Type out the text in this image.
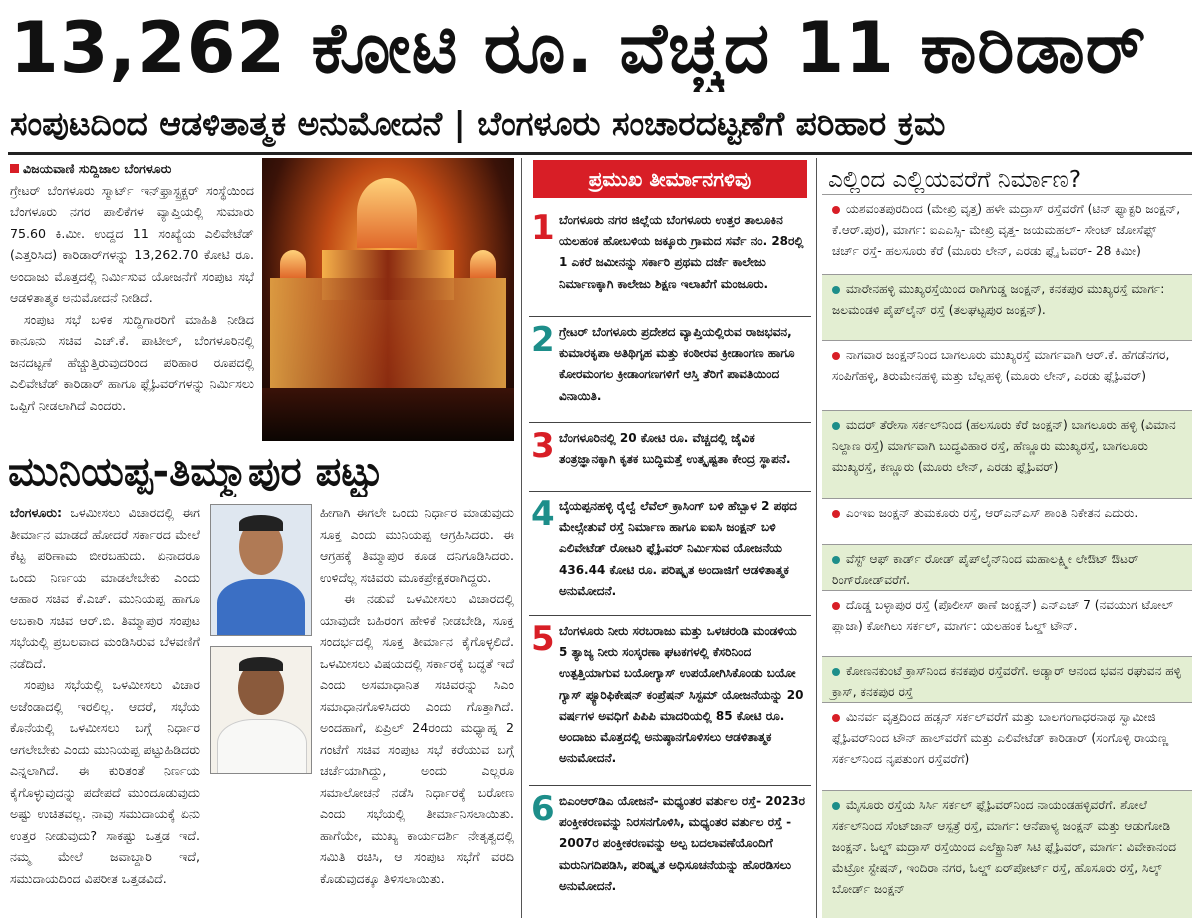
13,262 ಕೋಟಿ ರೂ. ವೆಚ್ಚದ 11 ಕಾರಿಡಾರ್
ಸಂಪುಟದಿಂದ ಆಡಳಿತಾತ್ಮಕ ಅನುಮೋದನೆ | ಬೆಂಗಳೂರು ಸಂಚಾರದಟ್ಟಣೆಗೆ ಪರಿಹಾರ ಕ್ರಮ
ವಿಜಯವಾಣಿ ಸುದ್ದಿಜಾಲ ಬೆಂಗಳೂರು
ಗ್ರೇಟರ್ ಬೆಂಗಳೂರು ಸ್ಮಾರ್ಟ್ ಇನ್‌ಫ್ರಾಸ್ಟ್ರಕ್ಚರ್ ಸಂಸ್ಥೆಯಿಂದ ಬೆಂಗಳೂರು ನಗರ ಪಾಲಿಕೆಗಳ ವ್ಯಾಪ್ತಿಯಲ್ಲಿ ಸುಮಾರು 75.60 ಕಿ.ಮೀ. ಉದ್ದದ 11 ಸಂಖ್ಯೆಯ ಎಲಿವೇಟೆಡ್ (ಎತ್ತರಿಸಿದ) ಕಾರಿಡಾರ್‌ಗಳನ್ನು 13,262.70 ಕೋಟಿ ರೂ. ಅಂದಾಜು ಮೊತ್ತದಲ್ಲಿ ನಿರ್ಮಿಸುವ ಯೋಜನೆಗೆ ಸಂಪುಟ ಸಭೆ ಆಡಳಿತಾತ್ಮಕ ಅನುಮೋದನೆ ನೀಡಿದೆ.
ಸಂಪುಟ ಸಭೆ ಬಳಿಕ ಸುದ್ದಿಗಾರರಿಗೆ ಮಾಹಿತಿ ನೀಡಿದ ಕಾನೂನು ಸಚಿವ ಎಚ್.ಕೆ. ಪಾಟೀಲ್, ಬೆಂಗಳೂರಿನಲ್ಲಿ ಜನದಟ್ಟಣೆ ಹೆಚ್ಚುತ್ತಿರುವುದರಿಂದ ಪರಿಹಾರ ರೂಪದಲ್ಲಿ ಎಲಿವೇಟೆಡ್ ಕಾರಿಡಾರ್ ಹಾಗೂ ಫ್ಲೈಓವರ್‌ಗಳನ್ನು ನಿರ್ಮಿಸಲು ಒಪ್ಪಿಗೆ ನೀಡಲಾಗಿದೆ ಎಂದರು.
ಮುನಿಯಪ್ಪ-ತಿಮ್ಮಾಪುರ ಪಟ್ಟು
ಬೆಂಗಳೂರು: ಒಳಮೀಸಲು ವಿಚಾರದಲ್ಲಿ ಈಗ ತೀರ್ಮಾನ ಮಾಡದೆ ಹೋದರೆ ಸರ್ಕಾರದ ಮೇಲೆ ಕೆಟ್ಟ ಪರಿಣಾಮ ಬೀರಬಹುದು. ಏನಾದರೂ ಒಂದು ನಿರ್ಣಯ ಮಾಡಲೇಬೇಕು ಎಂದು ಆಹಾರ ಸಚಿವ ಕೆ.ಎಚ್. ಮುನಿಯಪ್ಪ ಹಾಗೂ ಅಬಕಾರಿ ಸಚಿವ ಆರ್.ಬಿ. ತಿಮ್ಮಾಪುರ ಸಂಪುಟ ಸಭೆಯಲ್ಲಿ ಪ್ರಬಲವಾದ ಮಂಡಿಸಿರುವ ಬೆಳವಣಿಗೆ ನಡೆದಿದೆ.
ಸಂಪುಟ ಸಭೆಯಲ್ಲಿ ಒಳಮೀಸಲು ವಿಚಾರ ಅಜೆಂಡಾದಲ್ಲಿ ಇರಲಿಲ್ಲ. ಆದರೆ, ಸಭೆಯ ಕೊನೆಯಲ್ಲಿ ಒಳಮೀಸಲು ಬಗ್ಗೆ ನಿರ್ಧಾರ ಆಗಲೇಬೇಕು ಎಂದು ಮುನಿಯಪ್ಪ ಪಟ್ಟುಹಿಡಿದರು ಎನ್ನಲಾಗಿದೆ. ಈ ಕುರಿತಂತೆ ನಿರ್ಣಯ ಕೈಗೊಳ್ಳುವುದನ್ನು ಪದೇಪದೆ ಮುಂದೂಡುವುದು ಅಷ್ಟು ಉಚಿತವಲ್ಲ. ನಾವು ಸಮುದಾಯಕ್ಕೆ ಏನು ಉತ್ತರ ನೀಡುವುದು? ಸಾಕಷ್ಟು ಒತ್ತಡ ಇದೆ. ನಮ್ಮ ಮೇಲೆ ಜವಾಬ್ದಾರಿ ಇದೆ, ಸಮುದಾಯದಿಂದ ವಿಪರೀತ ಒತ್ತಡವಿದೆ.
ಹೀಗಾಗಿ ಈಗಲೇ ಒಂದು ನಿರ್ಧಾರ ಮಾಡುವುದು ಸೂಕ್ತ ಎಂದು ಮುನಿಯಪ್ಪ ಆಗ್ರಹಿಸಿದರು. ಈ ಆಗ್ರಹಕ್ಕೆ ತಿಮ್ಮಾಪುರ ಕೂಡ ದನಿಗೂಡಿಸಿದರು. ಉಳಿದೆಲ್ಲ ಸಚಿವರು ಮೂಕಪ್ರೇಕ್ಷಕರಾಗಿದ್ದರು.
ಈ ನಡುವೆ ಒಳಮೀಸಲು ವಿಚಾರದಲ್ಲಿ ಯಾವುದೇ ಬಹಿರಂಗ ಹೇಳಿಕೆ ನೀಡಬೇಡಿ, ಸೂಕ್ತ ಸಂದರ್ಭದಲ್ಲಿ ಸೂಕ್ತ ತೀರ್ಮಾನ ಕೈಗೊಳ್ಳಲಿದೆ. ಒಳಮೀಸಲು ವಿಷಯದಲ್ಲಿ ಸರ್ಕಾರಕ್ಕೆ ಬದ್ಧತೆ ಇದೆ ಎಂದು ಅಸಮಾಧಾನಿತ ಸಚಿವರನ್ನು ಸಿಎಂ ಸಮಾಧಾನಗೊಳಿಸಿದರು ಎಂದು ಗೊತ್ತಾಗಿದೆ. ಅಂದಹಾಗೆ, ಏಪ್ರಿಲ್ 24ರಂದು ಮಧ್ಯಾಹ್ನ 2 ಗಂಟೆಗೆ ಸಚಿವ ಸಂಪುಟ ಸಭೆ ಕರೆಯುವ ಬಗ್ಗೆ ಚರ್ಚೆಯಾಗಿದ್ದು, ಅಂದು ಎಲ್ಲರೂ ಸಮಾಲೋಚನೆ ನಡೆಸಿ ನಿರ್ಧಾರಕ್ಕೆ ಬರೋಣ ಎಂದು ಸಭೆಯಲ್ಲಿ ತೀರ್ಮಾನಿಸಲಾಯಿತು. ಹಾಗೆಯೇ, ಮುಖ್ಯ ಕಾರ್ಯದರ್ಶಿ ನೇತೃತ್ವದಲ್ಲಿ ಸಮಿತಿ ರಚಿಸಿ, ಆ ಸಂಪುಟ ಸಭೆಗೆ ವರದಿ ಕೊಡುವುದಕ್ಕೂ ತಿಳಿಸಲಾಯಿತು.
ಪ್ರಮುಖ ತೀರ್ಮಾನಗಳಿವು
1 ಬೆಂಗಳೂರು ನಗರ ಜಿಲ್ಲೆಯ ಬೆಂಗಳೂರು ಉತ್ತರ ತಾಲೂಕಿನ ಯಲಹಂಕ ಹೋಬಳಿಯ ಜಕ್ಕೂರು ಗ್ರಾಮದ ಸರ್ವೆ ನಂ. 28ರಲ್ಲಿ 1 ಎಕರೆ ಜಮೀನನ್ನು ಸರ್ಕಾರಿ ಪ್ರಥಮ ದರ್ಜೆ ಕಾಲೇಜು ನಿರ್ಮಾಣಕ್ಕಾಗಿ ಕಾಲೇಜು ಶಿಕ್ಷಣ ಇಲಾಖೆಗೆ ಮಂಜೂರು.
2 ಗ್ರೇಟರ್ ಬೆಂಗಳೂರು ಪ್ರದೇಶದ ವ್ಯಾಪ್ತಿಯಲ್ಲಿರುವ ರಾಜಭವನ, ಕುಮಾರಕೃಪಾ ಅತಿಥಿಗೃಹ ಮತ್ತು ಕಂಠೀರವ ಕ್ರೀಡಾಂಗಣ ಹಾಗೂ ಕೋರಮಂಗಲ ಕ್ರೀಡಾಂಗಣಗಳಿಗೆ ಆಸ್ತಿ ತೆರಿಗೆ ಪಾವತಿಯಿಂದ ವಿನಾಯಿತಿ.
3 ಬೆಂಗಳೂರಿನಲ್ಲಿ 20 ಕೋಟಿ ರೂ. ವೆಚ್ಚದಲ್ಲಿ ಜೈವಿಕ ತಂತ್ರಜ್ಞಾನಕ್ಕಾಗಿ ಕೃತಕ ಬುದ್ಧಿಮತ್ತೆ ಉತ್ಕೃಷ್ಟತಾ ಕೇಂದ್ರ ಸ್ಥಾಪನೆ.
4 ಬೈಯಪ್ಪನಹಳ್ಳಿ ರೈಲ್ವೆ ಲೆವೆಲ್ ಕ್ರಾಸಿಂಗ್ ಬಳಿ ಹೆಬ್ಬಾಳ 2 ಪಥದ ಮೇಲ್ಸೇತುವೆ ರಸ್ತೆ ನಿರ್ಮಾಣ ಹಾಗೂ ಐಐಸಿ ಜಂಕ್ಷನ್ ಬಳಿ ಎಲಿವೇಟೆಡ್ ರೋಟರಿ ಫ್ಲೈಓವರ್ ನಿರ್ಮಿಸುವ ಯೋಜನೆಯ 436.44 ಕೋಟಿ ರೂ. ಪರಿಷ್ಕೃತ ಅಂದಾಜಿಗೆ ಆಡಳಿತಾತ್ಮಕ ಅನುಮೋದನೆ.
5 ಬೆಂಗಳೂರು ನೀರು ಸರಬರಾಜು ಮತ್ತು ಒಳಚರಂಡಿ ಮಂಡಳಿಯ 5 ತ್ಯಾಜ್ಯ ನೀರು ಸಂಸ್ಕರಣಾ ಘಟಕಗಳಲ್ಲಿ ಕೆಸರಿನಿಂದ ಉತ್ಪತ್ತಿಯಾಗುವ ಬಯೋಗ್ಯಾಸ್ ಉಪಯೋಗಿಸಿಕೊಂಡು ಬಯೋ ಗ್ಯಾಸ್ ಪ್ಯೂರಿಫಿಕೇಷನ್ ಕಂಪ್ರೆಷನ್ ಸಿಸ್ಟಮ್ ಯೋಜನೆಯನ್ನು 20 ವರ್ಷಗಳ ಅವಧಿಗೆ ಪಿಪಿಪಿ ಮಾದರಿಯಲ್ಲಿ 85 ಕೋಟಿ ರೂ. ಅಂದಾಜು ಮೊತ್ತದಲ್ಲಿ ಅನುಷ್ಠಾನಗೊಳಿಸಲು ಆಡಳಿತಾತ್ಮಕ ಅನುಮೋದನೆ.
6 ಬಿಎಂಆರ್‌ಡಿಎ ಯೋಜನೆ- ಮಧ್ಯಂತರ ವರ್ತುಲ ರಸ್ತೆ- 2023ರ ಪಂಕ್ತೀಕರಣವನ್ನು ನಿರಸನಗೊಳಿಸಿ, ಮಧ್ಯಂತರ ವರ್ತುಲ ರಸ್ತೆ - 2007ರ ಪಂಕ್ತೀಕರಣವನ್ನು ಅಲ್ಪ ಬದಲಾವಣೆಯೊಂದಿಗೆ ಮರುನಿಗದಿಪಡಿಸಿ, ಪರಿಷ್ಕೃತ ಅಧಿಸೂಚನೆಯನ್ನು ಹೊರಡಿಸಲು ಅನುಮೋದನೆ.
ಎಲ್ಲಿಂದ ಎಲ್ಲಿಯವರೆಗೆ ನಿರ್ಮಾಣ?
ಯಶವಂತಪುರದಿಂದ (ಮೇಖ್ರಿ ವೃತ್ತ) ಹಳೇ ಮದ್ರಾಸ್ ರಸ್ತೆವರೆಗೆ (ಟಿನ್ ಫ್ಯಾಕ್ಟರಿ ಜಂಕ್ಷನ್, ಕೆ.ಆರ್.ಪುರ), ಮಾರ್ಗ: ಐಎಎಸ್ಸಿ- ಮೇಖ್ರಿ ವೃತ್ತ- ಜಯಮಹಲ್- ಸೇಂಟ್ ಜೋಸೆಫ್ಸ್ ಚರ್ಚ್ ರಸ್ತೆ- ಹಲಸೂರು ಕೆರೆ (ಮೂರು ಲೇನ್, ಎರಡು ಫ್ಲೈ ಓವರ್- 28 ಕಿಮೀ)
ಮಾರೇನಹಳ್ಳಿ ಮುಖ್ಯರಸ್ತೆಯಿಂದ ರಾಗಿಗುಡ್ಡ ಜಂಕ್ಷನ್, ಕನಕಪುರ ಮುಖ್ಯರಸ್ತೆ ಮಾರ್ಗ: ಜಲಮಂಡಳಿ ಪೈಪ್‌ಲೈನ್ ರಸ್ತೆ (ತಲಘಟ್ಟಪುರ ಜಂಕ್ಷನ್).
ನಾಗವಾರ ಜಂಕ್ಷನ್‌ನಿಂದ ಬಾಗಲೂರು ಮುಖ್ಯರಸ್ತೆ ಮಾರ್ಗವಾಗಿ ಆರ್.ಕೆ. ಹೆಗಡೆನಗರ, ಸಂಪಿಗೆಹಳ್ಳಿ, ತಿರುಮೇನಹಳ್ಳಿ ಮತ್ತು ಬೆಲ್ಲಹಳ್ಳಿ (ಮೂರು ಲೇನ್, ಎರಡು ಫ್ಲೈಓವರ್)
ಮದರ್ ತೆರೇಸಾ ಸರ್ಕಲ್‌ನಿಂದ (ಹಲಸೂರು ಕೆರೆ ಜಂಕ್ಷನ್) ಬಾಗಲೂರು ಹಳ್ಳಿ (ವಿಮಾನ ನಿಲ್ದಾಣ ರಸ್ತೆ) ಮಾರ್ಗವಾಗಿ ಬುದ್ಧವಿಹಾರ ರಸ್ತೆ, ಹೆಣ್ಣೂರು ಮುಖ್ಯರಸ್ತೆ, ಬಾಗಲೂರು ಮುಖ್ಯರಸ್ತೆ, ಕಣ್ಣೂರು (ಮೂರು ಲೇನ್, ಎರಡು ಫ್ಲೈಓವರ್)
ಎಂಇಐ ಜಂಕ್ಷನ್ ತುಮಕೂರು ರಸ್ತೆ, ಆರ್‌ಎನ್‌ಎಸ್ ಶಾಂತಿ ನಿಕೇತನ ಎದುರು.
ವೆಸ್ಟ್ ಆಫ್ ಕಾರ್ಡ್ ರೋಡ್ ಪೈಪ್‌ಲೈನ್‌ನಿಂದ ಮಹಾಲಕ್ಷ್ಮೀ ಲೇಔಟ್ ಔಟರ್ ರಿಂಗ್‌ರೋಡ್‌ವರೆಗೆ.
ದೊಡ್ಡ ಬಳ್ಳಾಪುರ ರಸ್ತೆ (ಪೊಲೀಸ್ ಠಾಣೆ ಜಂಕ್ಷನ್) ಎನ್‌ಎಚ್ 7 (ನವಯುಗ ಟೋಲ್ ಪ್ಲಾಜಾ) ಕೋಗಿಲು ಸರ್ಕಲ್, ಮಾರ್ಗ: ಯಲಹಂಕ ಓಲ್ಡ್ ಟೌನ್.
ಕೋಣನಕುಂಟೆ ಕ್ರಾಸ್‌ನಿಂದ ಕನಕಪುರ ರಸ್ತೆವರೆಗೆ. ಅಡ್ಯಾರ್ ಆನಂದ ಭವನ ರಘುವನ ಹಳ್ಳಿ ಕ್ರಾಸ್, ಕನಕಪುರ ರಸ್ತೆ
ಮಿನರ್ವ ವೃತ್ತದಿಂದ ಹಡ್ಸನ್ ಸರ್ಕಲ್‌ವರೆಗೆ ಮತ್ತು ಬಾಲಗಂಗಾಧರನಾಥ ಸ್ವಾಮೀಜಿ ಫ್ಲೈಓವರ್‌ನಿಂದ ಟೌನ್ ಹಾಲ್‌ವರೆಗೆ ಮತ್ತು ಎಲಿವೇಟೆಡ್ ಕಾರಿಡಾರ್ (ಸಂಗೊಳ್ಳಿ ರಾಯಣ್ಣ ಸರ್ಕಲ್‌ನಿಂದ ನೃಪತುಂಗ ರಸ್ತೆವರೆಗೆ)
ಮೈಸೂರು ರಸ್ತೆಯ ಸಿರ್ಸಿ ಸರ್ಕಲ್ ಫ್ಲೈಓವರ್‌ನಿಂದ ನಾಯಂಡಹಳ್ಳಿವರೆಗೆ. ಶೋಲೆ ಸರ್ಕಲ್‌ನಿಂದ ಸೆಂಟ್‌ಜಾನ್ ಆಸ್ಪತ್ರೆ ರಸ್ತೆ, ಮಾರ್ಗ: ಆನೆಪಾಳ್ಯ ಜಂಕ್ಷನ್ ಮತ್ತು ಆಡುಗೋಡಿ ಜಂಕ್ಷನ್. ಓಲ್ಡ್ ಮದ್ರಾಸ್ ರಸ್ತೆಯಿಂದ ಎಲೆಕ್ಟ್ರಾನಿಕ್ ಸಿಟಿ ಫ್ಲೈಓವರ್, ಮಾರ್ಗ: ವಿವೇಕಾನಂದ ಮೆಟ್ರೋ ಸ್ಟೇಷನ್, ಇಂದಿರಾ ನಗರ, ಓಲ್ಡ್ ಏರ್‌ಪೋರ್ಟ್ ರಸ್ತೆ, ಹೊಸೂರು ರಸ್ತೆ, ಸಿಲ್ಕ್ ಬೋರ್ಡ್ ಜಂಕ್ಷನ್
